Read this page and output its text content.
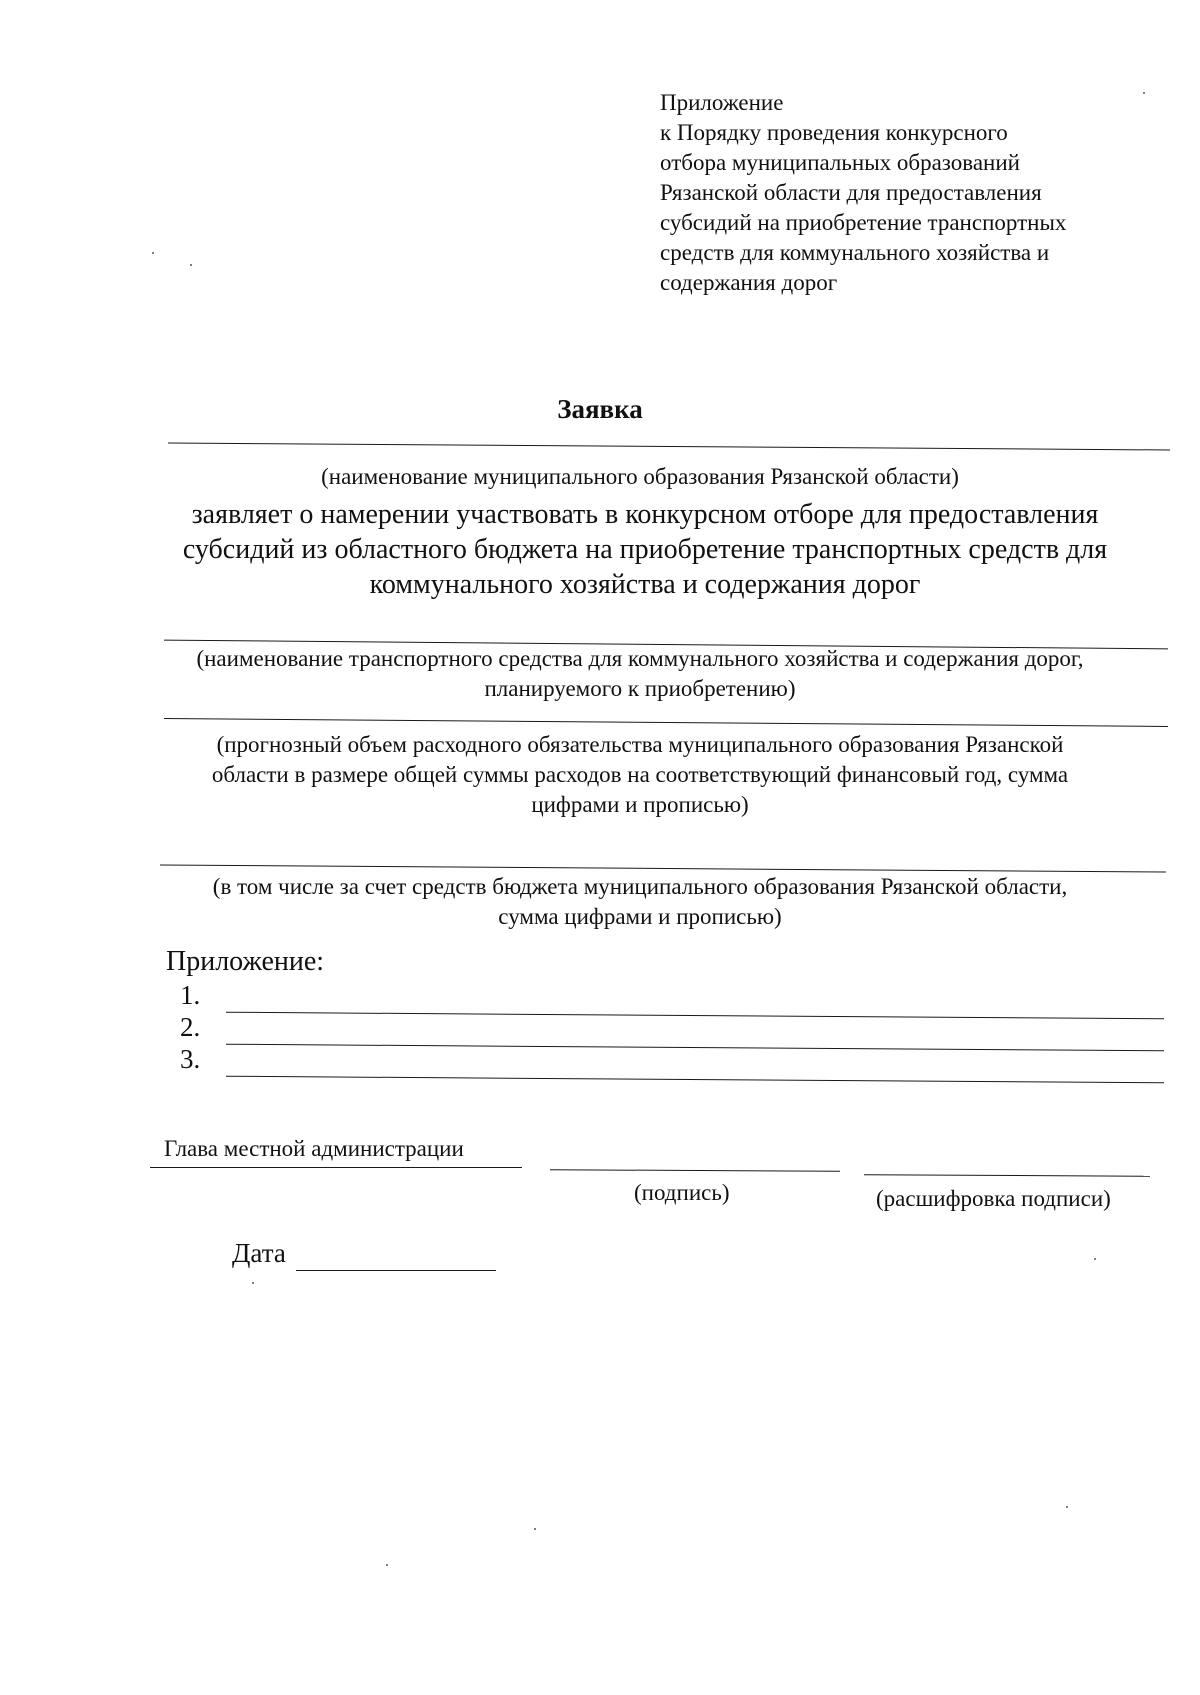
Приложение
к Порядку проведения конкурсного
отбора муниципальных образований
Рязанской области для предоставления
субсидий на приобретение транспортных
средств для коммунального хозяйства и
содержания дорог
Заявка
(наименование муниципального образования Рязанской области)
заявляет о намерении участвовать в конкурсном отборе для предоставления
субсидий из областного бюджета на приобретение транспортных средств для
коммунального хозяйства и содержания дорог
(наименование транспортного средства для коммунального хозяйства и содержания дорог,
планируемого к приобретению)
(прогнозный объем расходного обязательства муниципального образования Рязанской
области в размере общей суммы расходов на соответствующий финансовый год, сумма
цифрами и прописью)
(в том числе за счет средств бюджета муниципального образования Рязанской области,
сумма цифрами и прописью)
Приложение:
1.
2.
3.
Глава местной администрации
(подпись)	(расшифровка подписи)
Дата
